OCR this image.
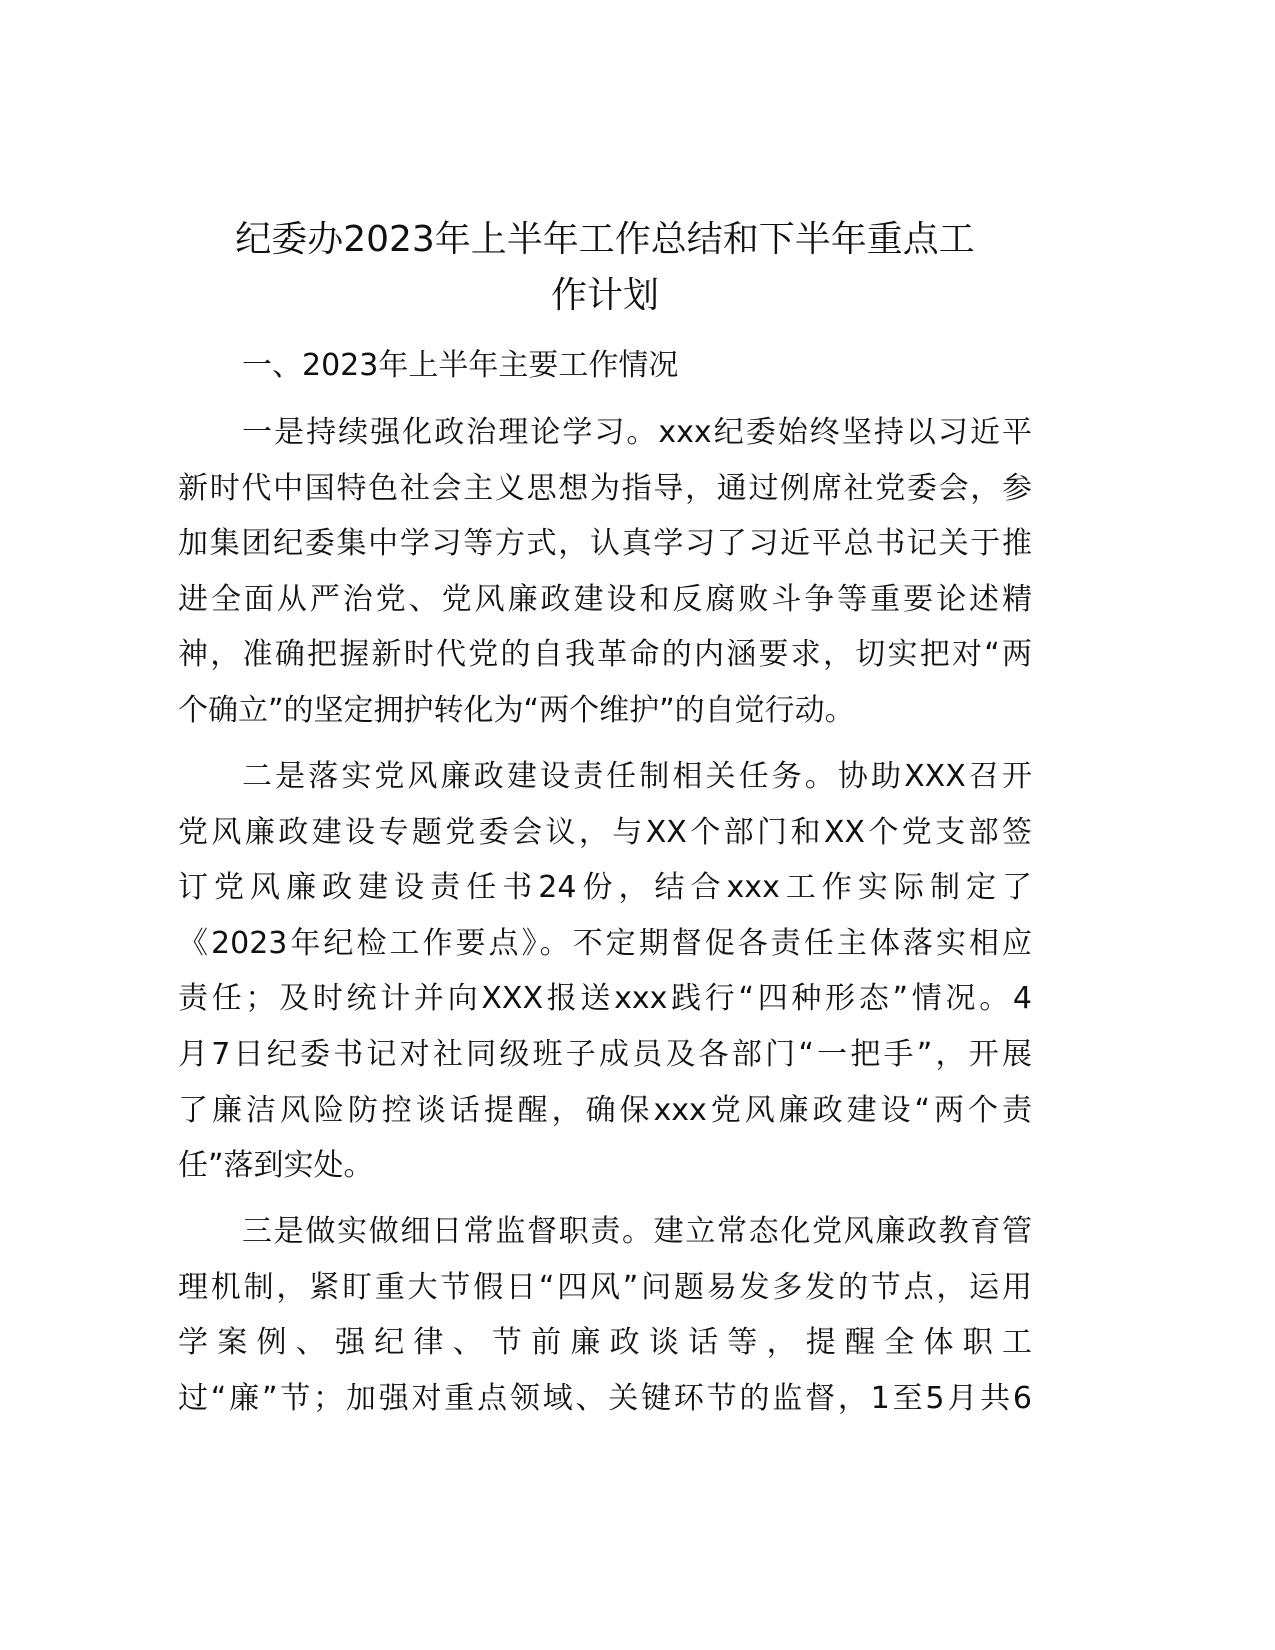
纪委办2023年上半年工作总结和下半年重点工
作计划
一、2023年上半年主要工作情况
一是持续强化政治理论学习。xxx纪委始终坚持以习近平
新时代中国特色社会主义思想为指导，通过例席社党委会，参
加集团纪委集中学习等方式，认真学习了习近平总书记关于推
进全面从严治党、党风廉政建设和反腐败斗争等重要论述精
神，准确把握新时代党的自我革命的内涵要求，切实把对“两
个确立”的坚定拥护转化为“两个维护”的自觉行动。
二是落实党风廉政建设责任制相关任务。协助XXX召开
党风廉政建设专题党委会议，与XX个部门和XX个党支部签
订党风廉政建设责任书24份，结合xxx工作实际制定了
《2023年纪检工作要点》。不定期督促各责任主体落实相应
责任；及时统计并向XXX报送xxx践行“四种形态”情况。4
月7日纪委书记对社同级班子成员及各部门“一把手”，开展
了廉洁风险防控谈话提醒，确保xxx党风廉政建设“两个责
任”落到实处。
三是做实做细日常监督职责。建立常态化党风廉政教育管
理机制，紧盯重大节假日“四风”问题易发多发的节点，运用
学案例、强纪律、节前廉政谈话等，提醒全体职工
过“廉”节；加强对重点领域、关键环节的监督，1至5月共6
